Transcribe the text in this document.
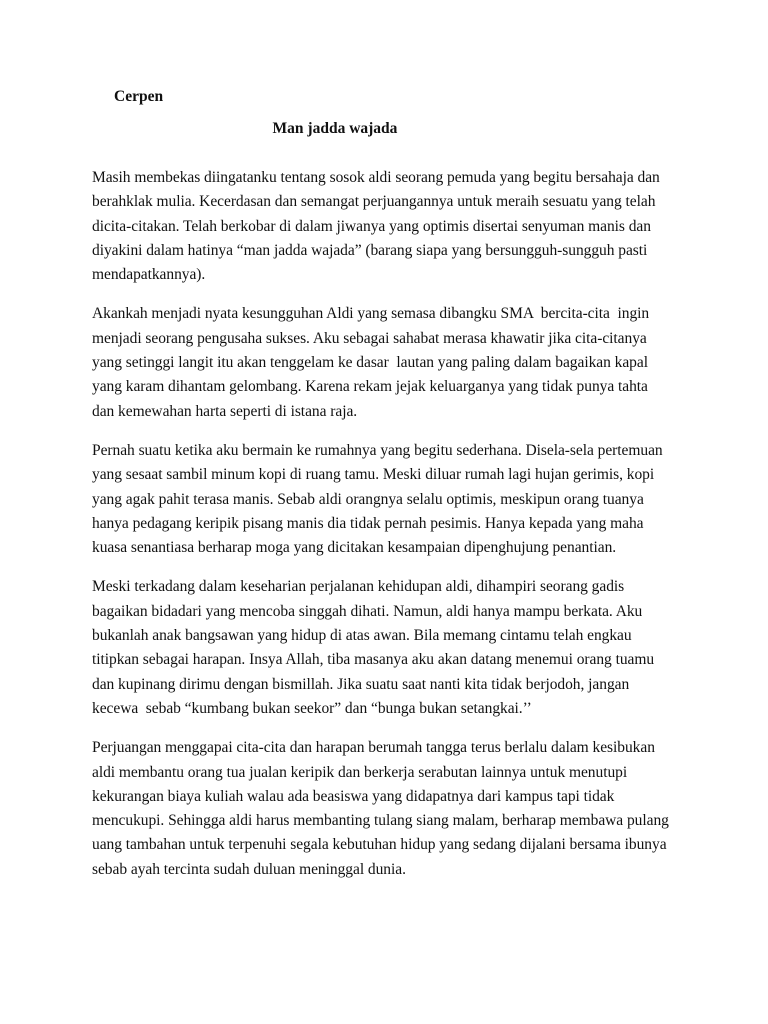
Cerpen

Man jadda wajada

Masih membekas diingatanku tentang sosok aldi seorang pemuda yang begitu bersahaja dan
berahklak mulia. Kecerdasan dan semangat perjuangannya untuk meraih sesuatu yang telah
dicita-citakan. Telah berkobar di dalam jiwanya yang optimis disertai senyuman manis dan
diyakini dalam hatinya “man jadda wajada” (barang siapa yang bersungguh-sungguh pasti
mendapatkannya).

Akankah menjadi nyata kesungguhan Aldi yang semasa dibangku SMA  bercita-cita  ingin
menjadi seorang pengusaha sukses. Aku sebagai sahabat merasa khawatir jika cita-citanya
yang setinggi langit itu akan tenggelam ke dasar  lautan yang paling dalam bagaikan kapal
yang karam dihantam gelombang. Karena rekam jejak keluarganya yang tidak punya tahta
dan kemewahan harta seperti di istana raja.

Pernah suatu ketika aku bermain ke rumahnya yang begitu sederhana. Disela-sela pertemuan
yang sesaat sambil minum kopi di ruang tamu. Meski diluar rumah lagi hujan gerimis, kopi
yang agak pahit terasa manis. Sebab aldi orangnya selalu optimis, meskipun orang tuanya
hanya pedagang keripik pisang manis dia tidak pernah pesimis. Hanya kepada yang maha
kuasa senantiasa berharap moga yang dicitakan kesampaian dipenghujung penantian.

Meski terkadang dalam keseharian perjalanan kehidupan aldi, dihampiri seorang gadis
bagaikan bidadari yang mencoba singgah dihati. Namun, aldi hanya mampu berkata. Aku
bukanlah anak bangsawan yang hidup di atas awan. Bila memang cintamu telah engkau
titipkan sebagai harapan. Insya Allah, tiba masanya aku akan datang menemui orang tuamu
dan kupinang dirimu dengan bismillah. Jika suatu saat nanti kita tidak berjodoh, jangan
kecewa  sebab “kumbang bukan seekor” dan “bunga bukan setangkai.’’

Perjuangan menggapai cita-cita dan harapan berumah tangga terus berlalu dalam kesibukan
aldi membantu orang tua jualan keripik dan berkerja serabutan lainnya untuk menutupi
kekurangan biaya kuliah walau ada beasiswa yang didapatnya dari kampus tapi tidak
mencukupi. Sehingga aldi harus membanting tulang siang malam, berharap membawa pulang
uang tambahan untuk terpenuhi segala kebutuhan hidup yang sedang dijalani bersama ibunya
sebab ayah tercinta sudah duluan meninggal dunia.
